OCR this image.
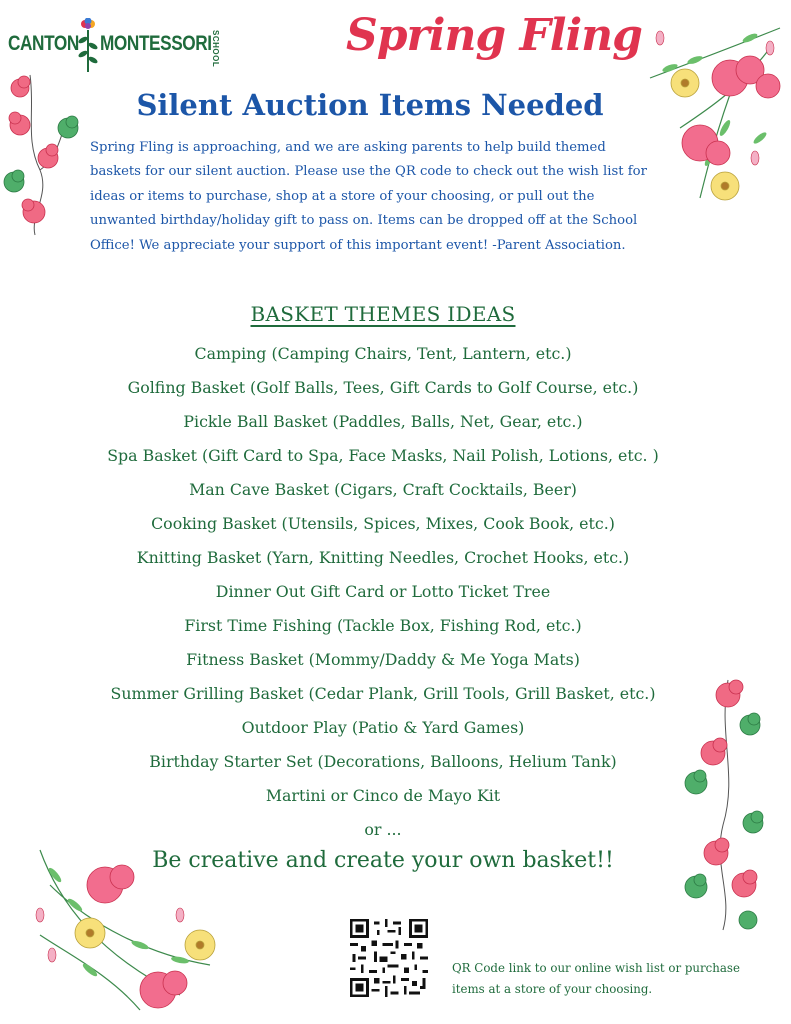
CANTON MONTESSORI SCHOOL	Spring Fling
Silent Auction Items Needed
Spring Fling is approaching, and we are asking parents to help build themed baskets for our silent auction. Please use the QR code to check out the wish list for ideas or items to purchase, shop at a store of your choosing, or pull out the unwanted birthday/holiday gift to pass on. Items can be dropped off at the School Office! We appreciate your support of this important event! -Parent Association.
BASKET THEMES IDEAS
Camping (Camping Chairs, Tent, Lantern, etc.)
Golfing Basket (Golf Balls, Tees, Gift Cards to Golf Course, etc.)
Pickle Ball Basket (Paddles, Balls, Net, Gear, etc.)
Spa Basket (Gift Card to Spa, Face Masks, Nail Polish, Lotions, etc. )
Man Cave Basket (Cigars, Craft Cocktails, Beer)
Cooking Basket (Utensils, Spices, Mixes, Cook Book, etc.)
Knitting Basket (Yarn, Knitting Needles, Crochet Hooks, etc.)
Dinner Out Gift Card or Lotto Ticket Tree
First Time Fishing (Tackle Box, Fishing Rod, etc.)
Fitness Basket (Mommy/Daddy & Me Yoga Mats)
Summer Grilling Basket (Cedar Plank, Grill Tools, Grill Basket, etc.)
Outdoor Play (Patio & Yard Games)
Birthday Starter Set (Decorations, Balloons, Helium Tank)
Martini or Cinco de Mayo Kit
or ...
Be creative and create your own basket!!
QR Code link to our online wish list or purchase items at a store of your choosing.
